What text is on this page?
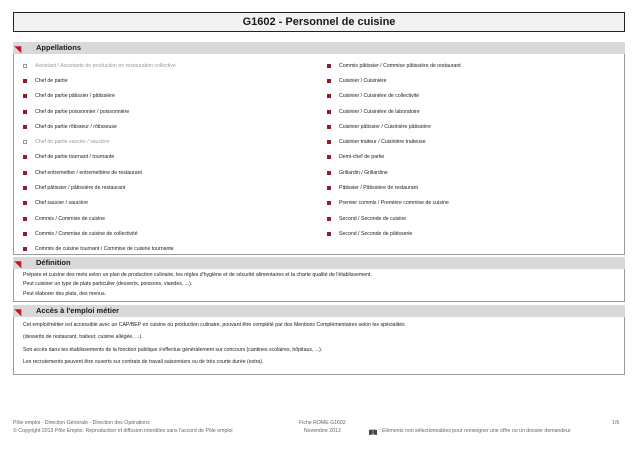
G1602 - Personnel de cuisine
Appellations
Assistant / Assistante de production en restauration collective
Chef de partie
Chef de partie pâtissier / pâtissière
Chef de partie poissonnier / poissonnière
Chef de partie rôtisseur / rôtisseuse
Chef de partie saucier / saucière
Chef de partie tournant / tournante
Chef entremettier / entremettière de restaurant
Chef pâtissier / pâtissière de restaurant
Chef saucier / saucière
Commis / Commise de cuisine
Commis / Commise de cuisine de collectivité
Commis de cuisine tournant / Commise de cuisine tournante
Commis pâtissier / Commise pâtissière de restaurant
Cuisinier / Cuisinière
Cuisinier / Cuisinière de collectivité
Cuisinier / Cuisinière de laboratoire
Cuisinier pâtissier / Cuisinière pâtissière
Cuisinier traiteur / Cuisinière traiteuse
Demi-chef de partie
Grillardin / Grillardine
Pâtissier / Pâtissière de restaurant
Premier commis / Première commise de cuisine
Second / Seconde de cuisine
Second / Seconde de pâtisserie
Définition
Prépare et cuisine des mets selon un plan de production culinaire, les règles d'hygiène et de sécurité alimentaires et la charte qualité de l'établissement.
Peut cuisiner un type de plats particulier (desserts, poissons, viandes, ...).
Peut élaborer des plats, des menus.
Accès à l'emploi métier
Cet emploi/métier est accessible avec un CAP/BEP en cuisine ou production culinaire, pouvant être complété par des Mentions Complémentaires selon les spécialités
(desserts de restaurant, traiteur, cuisine allégée, ...).
Son accès dans les établissements de la fonction publique s'effectue généralement sur concours (cantines scolaires, hôpitaux, ...).
Les recrutements peuvent être ouverts sur contrats de travail saisonniers ou de très courte durée (extra).
Pôle emploi - Direction Générale - Direction des Opérations
© Copyright 2013 Pôle Emploi. Reproduction et diffusion interdites sans l'accord de Pôle emploi
Fiche ROME G1602
Novembre 2013	: Eléments non sélectionnables pour renseigner une offre ou un dossier demandeur
1/6
